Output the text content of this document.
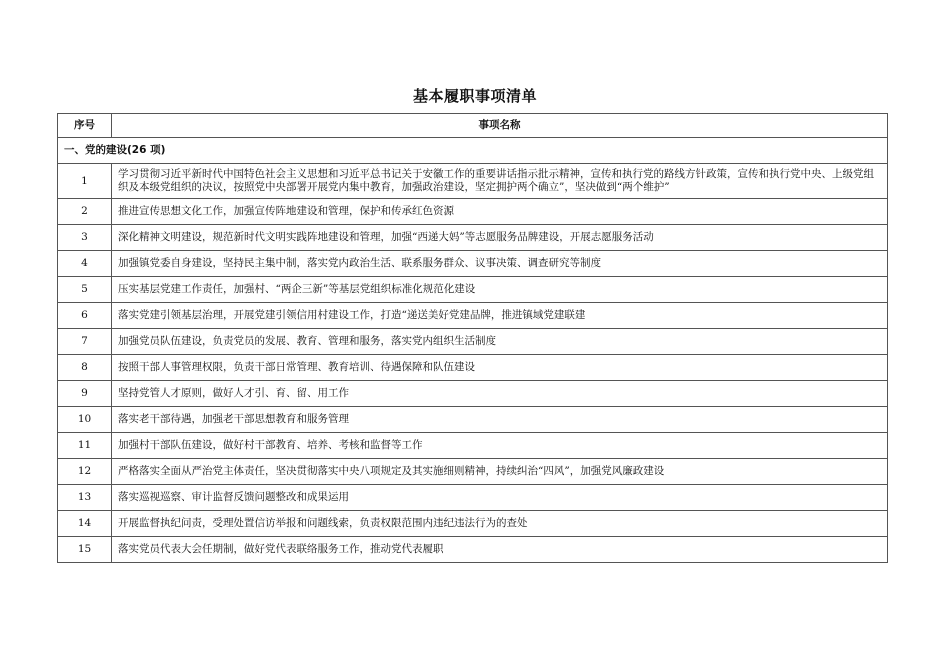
基本履职事项清单
序号	事项名称
一、党的建设(26 项)	
1	学习贯彻习近平新时代中国特色社会主义思想和习近平总书记关于安徽工作的重要讲话指示批示精神，宣传和执行党的路线方针政策，宣传和执行党中央、上级党组织及本级党组织的决议，按照党中央部署开展党内集中教育，加强政治建设，坚定拥护两个确立”，坚决做到“两个维护”
2	推进宣传思想文化工作，加强宣传阵地建设和管理，保护和传承红色资源
3	深化精神文明建设，规范新时代文明实践阵地建设和管理，加强“西递大妈”等志愿服务品牌建设，开展志愿服务活动
4	加强镇党委自身建设，坚持民主集中制，落实党内政治生活、联系服务群众、议事决策、调查研究等制度
5	压实基层党建工作责任，加强村、“两企三新”等基层党组织标准化规范化建设
6	落实党建引领基层治理，开展党建引领信用村建设工作，打造“递送美好党建品牌，推进镇域党建联建
7	加强党员队伍建设，负责党员的发展、教育、管理和服务，落实党内组织生活制度
8	按照干部人事管理权限，负责干部日常管理、教育培训、待遇保障和队伍建设
9	坚持党管人才原则，做好人才引、育、留、用工作
10	落实老干部待遇，加强老干部思想教育和服务管理
11	加强村干部队伍建设，做好村干部教育、培养、考核和监督等工作
12	严格落实全面从严治党主体责任，坚决贯彻落实中央八项规定及其实施细则精神，持续纠治“四风”，加强党风廉政建设
13	落实巡视巡察、审计监督反馈问题整改和成果运用
14	开展监督执纪问责，受理处置信访举报和问题线索，负责权限范围内违纪违法行为的查处
15	落实党员代表大会任期制，做好党代表联络服务工作，推动党代表履职
